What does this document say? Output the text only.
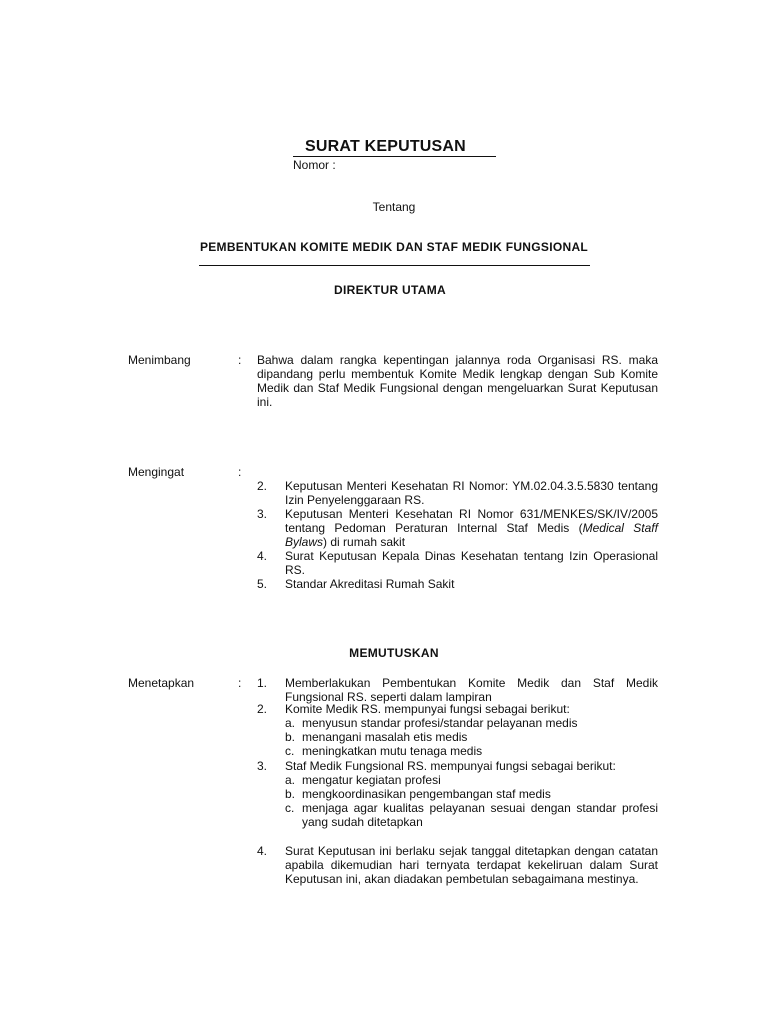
SURAT KEPUTUSAN
Nomor :
Tentang
PEMBENTUKAN KOMITE MEDIK DAN STAF MEDIK FUNGSIONAL
DIREKTUR UTAMA
Menimbang	: Bahwa dalam rangka kepentingan jalannya roda Organisasi RS. maka dipandang perlu membentuk Komite Medik lengkap dengan Sub Komite Medik dan Staf Medik Fungsional dengan mengeluarkan Surat Keputusan ini.
Mengingat	:
2. Keputusan Menteri Kesehatan RI Nomor: YM.02.04.3.5.5830 tentang Izin Penyelenggaraan RS.
3. Keputusan Menteri Kesehatan RI Nomor 631/MENKES/SK/IV/2005 tentang Pedoman Peraturan Internal Staf Medis (Medical Staff Bylaws) di rumah sakit
4. Surat Keputusan Kepala Dinas Kesehatan tentang Izin Operasional RS.
5. Standar Akreditasi Rumah Sakit
MEMUTUSKAN
Menetapkan	: 1. Memberlakukan Pembentukan Komite Medik dan Staf Medik Fungsional RS. seperti dalam lampiran
2. Komite Medik RS. mempunyai fungsi sebagai berikut:
a. menyusun standar profesi/standar pelayanan medis
b. menangani masalah etis medis
c. meningkatkan mutu tenaga medis
3. Staf Medik Fungsional RS. mempunyai fungsi sebagai berikut:
a. mengatur kegiatan profesi
b. mengkoordinasikan pengembangan staf medis
c. menjaga agar kualitas pelayanan sesuai dengan standar profesi yang sudah ditetapkan
4. Surat Keputusan ini berlaku sejak tanggal ditetapkan dengan catatan apabila dikemudian hari ternyata terdapat kekeliruan dalam Surat Keputusan ini, akan diadakan pembetulan sebagaimana mestinya.
